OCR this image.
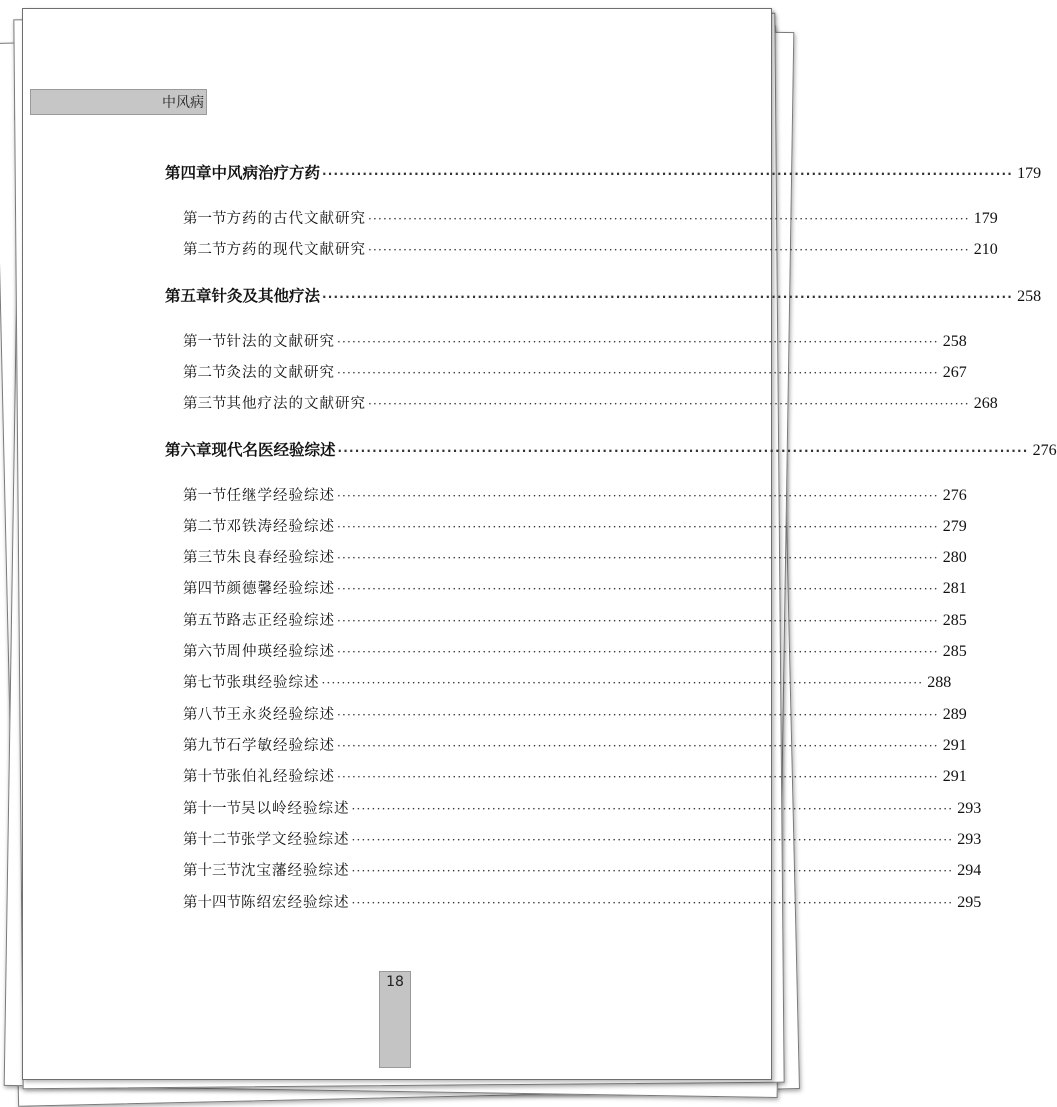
中风病
第四章 中风病治疗方药 ························································································································ 179
第一节 方药的古代文献研究 ························································································································ 179
第二节 方药的现代文献研究 ························································································································ 210
第五章 针灸及其他疗法 ························································································································ 258
第一节 针法的文献研究 ························································································································ 258
第二节 灸法的文献研究 ························································································································ 267
第三节 其他疗法的文献研究 ························································································································ 268
第六章 现代名医经验综述 ························································································································ 276
第一节 任继学经验综述 ························································································································ 276
第二节 邓铁涛经验综述 ························································································································ 279
第三节 朱良春经验综述 ························································································································ 280
第四节 颜德馨经验综述 ························································································································ 281
第五节 路志正经验综述 ························································································································ 285
第六节 周仲瑛经验综述 ························································································································ 285
第七节 张琪经验综述 ························································································································ 288
第八节 王永炎经验综述 ························································································································ 289
第九节 石学敏经验综述 ························································································································ 291
第十节 张伯礼经验综述 ························································································································ 291
第十一节 吴以岭经验综述 ························································································································ 293
第十二节 张学文经验综述 ························································································································ 293
第十三节 沈宝藩经验综述 ························································································································ 294
第十四节 陈绍宏经验综述 ························································································································ 295
18
